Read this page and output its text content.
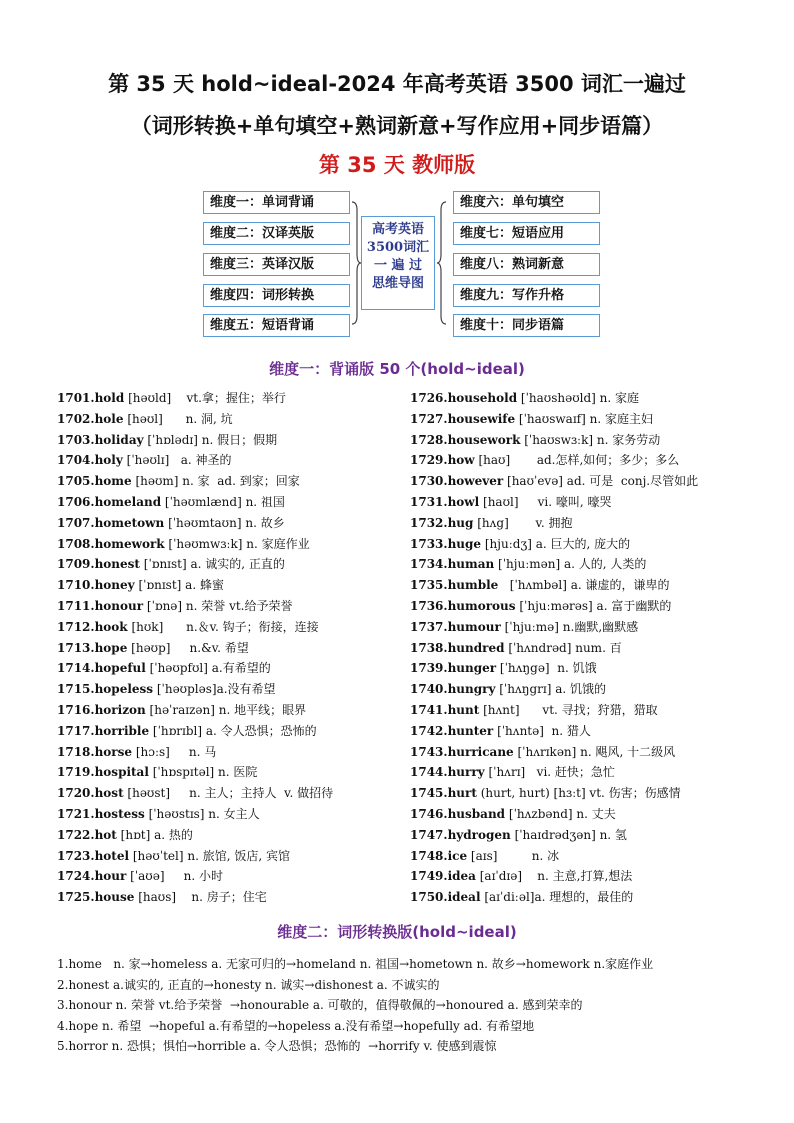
第 35 天 hold~ideal-2024 年高考英语 3500 词汇一遍过
（词形转换+单句填空+熟词新意+写作应用+同步语篇）
第 35 天 教师版
维度一：单词背诵
维度二：汉译英版
维度三：英译汉版
维度四：词形转换
维度五：短语背诵
高考英语
3500词汇
一 遍 过
思维导图
维度六：单句填空
维度七：短语应用
维度八：熟词新意
维度九：写作升格
维度十：同步语篇
维度一：背诵版 50 个(hold~ideal)
1701.hold [həʊld]    vt.拿；握住；举行
1702.hole [həʊl]      n. 洞, 坑
1703.holiday [ˈhɒlədɪ] n. 假日；假期
1704.holy [ˈhəʊlɪ]   a. 神圣的
1705.home [həʊm] n. 家  ad. 到家；回家
1706.homeland [ˈhəʊmlænd] n. 祖国
1707.hometown [ˈhəʊmtaʊn] n. 故乡
1708.homework [ˈhəʊmwɜːk] n. 家庭作业
1709.honest [ˈɒnɪst] a. 诚实的, 正直的
1710.honey [ˈɒnɪst] a. 蜂蜜
1711.honour [ˈɒnə] n. 荣誉 vt.给予荣誉
1712.hook [hʊk]      n.＆v. 钩子；衔接，连接
1713.hope [həʊp]     n.&v. 希望
1714.hopeful [ˈhəʊpfʊl] a.有希望的
1715.hopeless [ˈhəʊpləs]a.没有希望
1716.horizon [həˈraɪzən] n. 地平线；眼界
1717.horrible [ˈhɒrɪbl] a. 令人恐惧；恐怖的
1718.horse [hɔːs]     n. 马
1719.hospital [ˈhɒspɪtəl] n. 医院
1720.host [həʊst]     n. 主人；主持人  v. 做招待
1721.hostess [ˈhəʊstɪs] n. 女主人
1722.hot [hɒt] a. 热的
1723.hotel [həʊˈtel] n. 旅馆, 饭店, 宾馆
1724.hour [ˈaʊə]     n. 小时
1725.house [haʊs]    n. 房子；住宅
1726.household [ˈhaʊshəʊld] n. 家庭
1727.housewife [ˈhaʊswaɪf] n. 家庭主妇
1728.housework [ˈhaʊswɜːk] n. 家务劳动
1729.how [haʊ]       ad.怎样,如何；多少；多么
1730.however [haʊˈevə] ad. 可是  conj.尽管如此
1731.howl [haʊl]     vi. 嚎叫, 嚎哭
1732.hug [hʌg]       v. 拥抱
1733.huge [hjuːdʒ] a. 巨大的, 庞大的
1734.human [ˈhjuːmən] a. 人的, 人类的
1735.humble   [ˈhʌmbəl] a. 谦虚的，谦卑的
1736.humorous [ˈhjuːmərəs] a. 富于幽默的
1737.humour [ˈhjuːmə] n.幽默,幽默感
1738.hundred [ˈhʌndrəd] num. 百
1739.hunger [ˈhʌŋgə]  n. 饥饿
1740.hungry [ˈhʌŋgrɪ] a. 饥饿的
1741.hunt [hʌnt]      vt. 寻找；狩猎，猎取
1742.hunter [ˈhʌntə]  n. 猎人
1743.hurricane [ˈhʌrɪkən] n. 飓风, 十二级风
1744.hurry [ˈhʌrɪ]   vi. 赶快；急忙
1745.hurt (hurt, hurt) [hɜːt] vt. 伤害；伤感情
1746.husband [ˈhʌzbənd] n. 丈夫
1747.hydrogen [ˈhaɪdrədʒən] n. 氢
1748.ice [aɪs]         n. 冰
1749.idea [aɪˈdɪə]    n. 主意,打算,想法
1750.ideal [aɪˈdiːəl]a. 理想的，最佳的
维度二：词形转换版(hold~ideal)
1.home   n. 家→homeless a. 无家可归的→homeland n. 祖国→hometown n. 故乡→homework n.家庭作业
2.honest a.诚实的, 正直的→honesty n. 诚实→dishonest a. 不诚实的
3.honour n. 荣誉 vt.给予荣誉  →honourable a. 可敬的，值得敬佩的→honoured a. 感到荣幸的
4.hope n. 希望  →hopeful a.有希望的→hopeless a.没有希望→hopefully ad. 有希望地
5.horror n. 恐惧；惧怕→horrible a. 令人恐惧；恐怖的  →horrify v. 使感到震惊
